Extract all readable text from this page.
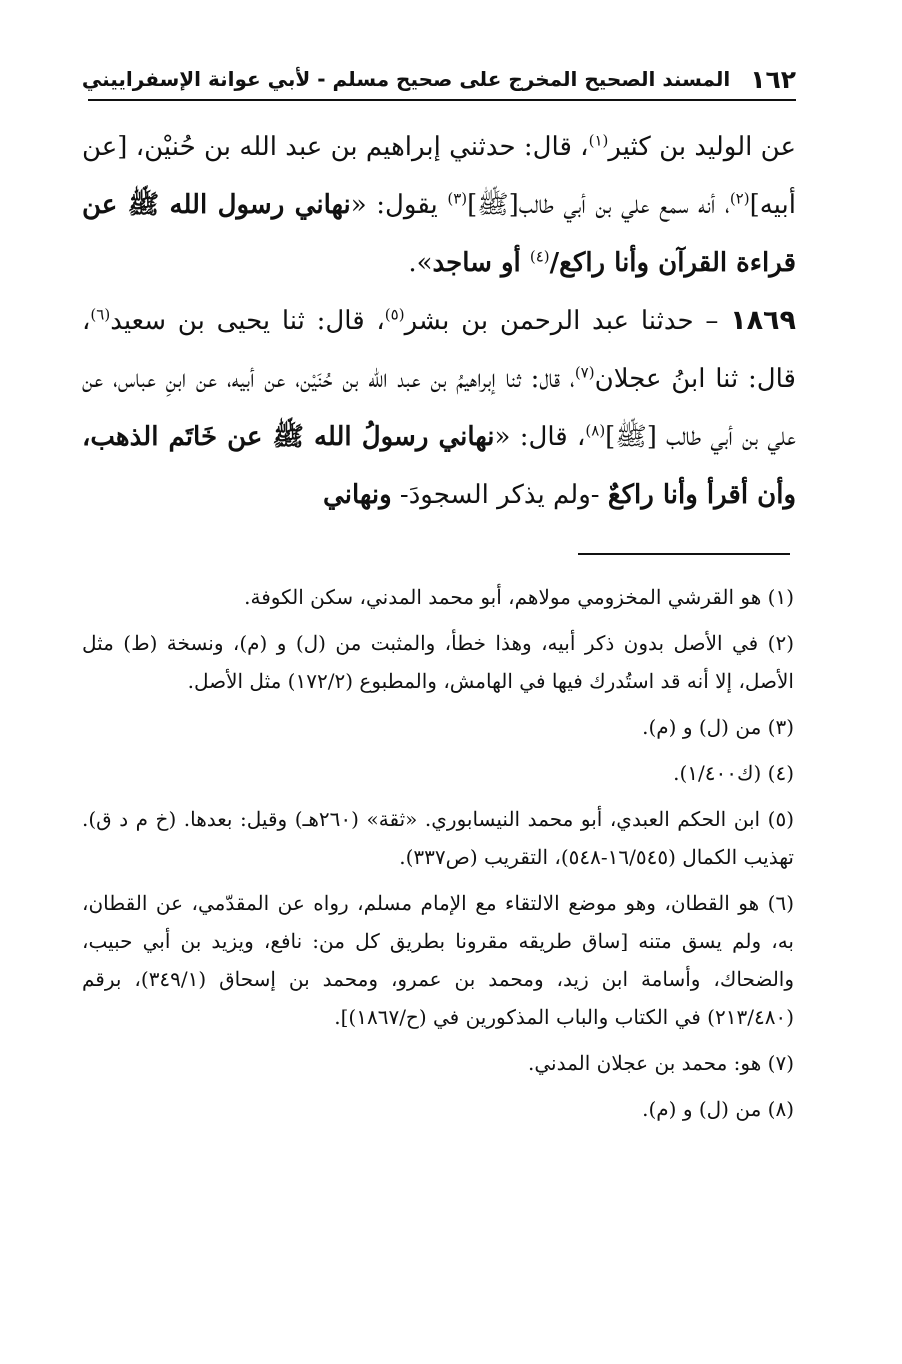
١٦٢
المسند الصحيح المخرج على صحيح مسلم - لأبي عوانة الإسفراييني

عن الوليد بن كثير$^{(١)}$، قال: حدثني إبراهيم بن عبد الله بن حُنيْن، [عن أبيه]$^{(٢)}$، أنه سمع علي بن أبي طالب[ﷺ]$^{(٣)}$ يقول: «نهاني رسول الله ﷺ عن قراءة القرآن وأنا راكع/$^{(٤)}$ أو ساجد».

١٨٦٩ – حدثنا عبد الرحمن بن بشر$^{(٥)}$، قال: ثنا يحيى بن سعيد$^{(٦)}$، قال: ثنا ابنُ عجلان$^{(٧)}$، قال: ثنا إبراهيمُ بن عبد الله بن حُنَيْن، عن أبيه، عن ابنِ عباس، عن علي بن أبي طالب [ﷺ]$^{(٨)}$، قال: «نهاني رسولُ الله ﷺ عن خَاتَم الذهب، وأن أقرأ وأنا راكعٌ -ولم يذكر السجودَ- ونهاني

(١) هو القرشي المخزومي مولاهم، أبو محمد المدني، سكن الكوفة.

(٢) في الأصل بدون ذكر أبيه، وهذا خطأ، والمثبت من (ل) و (م)، ونسخة (ط) مثل الأصل، إلا أنه قد استُدرك فيها في الهامش، والمطبوع (١٧٢/٢) مثل الأصل.

(٣) من (ل) و (م).

(٤) (ك١/٤٠٠).

(٥) ابن الحكم العبدي، أبو محمد النيسابوري. «ثقة» (٢٦٠هـ) وقيل: بعدها. (خ م د ق). تهذيب الكمال (١٦/٥٤٥-٥٤٨)، التقريب (ص٣٣٧).

(٦) هو القطان، وهو موضع الالتقاء مع الإمام مسلم، رواه عن المقدّمي، عن القطان، به، ولم يسق متنه [ساق طريقه مقرونا بطريق كل من: نافع، ويزيد بن أبي حبيب، والضحاك، وأسامة ابن زيد، ومحمد بن عمرو، ومحمد بن إسحاق (٣٤٩/١)، برقم (٢١٣/٤٨٠) في الكتاب والباب المذكورين في (ح/١٨٦٧)].

(٧) هو: محمد بن عجلان المدني.

(٨) من (ل) و (م).
